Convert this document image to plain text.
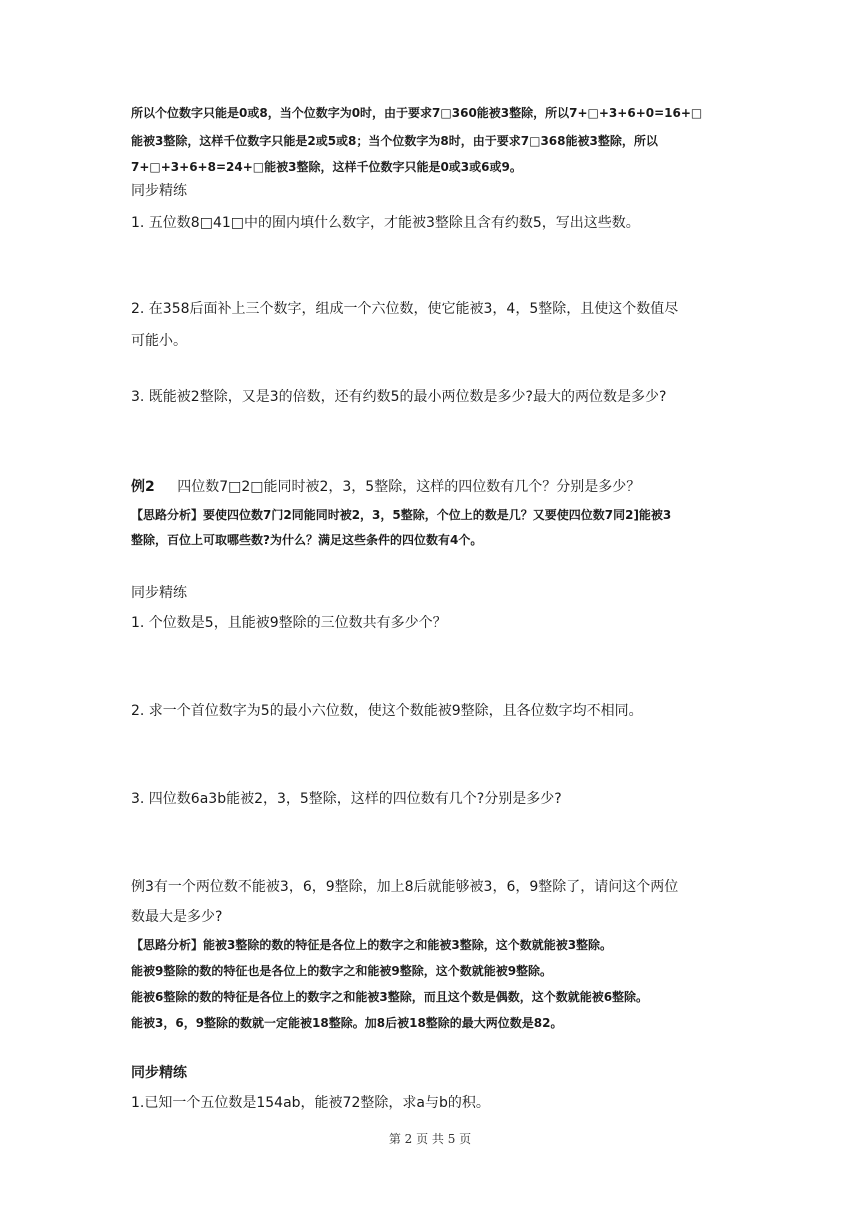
所以个位数字只能是0或8，当个位数字为0时，由于要求7□360能被3整除，所以7+□+3+6+0=16+□
能被3整除，这样千位数字只能是2或5或8；当个位数字为8时，由于要求7□368能被3整除，所以
7+□+3+6+8=24+□能被3整除，这样千位数字只能是0或3或6或9。
同步精练
1. 五位数8□41□中的囿内填什么数字，才能被3整除且含有约数5，写出这些数。
2. 在358后面补上三个数字，组成一个六位数，使它能被3，4，5整除，且使这个数值尽
可能小。
3. 既能被2整除，又是3的倍数，还有约数5的最小两位数是多少?最大的两位数是多少?
例2 四位数7□2□能同时被2，3，5整除，这样的四位数有几个？分别是多少？
【思路分析】要使四位数7门2同能同时被2，3，5整除，个位上的数是几？又要使四位数7同2]能被3
整除，百位上可取哪些数?为什么？满足这些条件的四位数有4个。
同步精练
1. 个位数是5，且能被9整除的三位数共有多少个？
2. 求一个首位数字为5的最小六位数，使这个数能被9整除，且各位数字均不相同。
3. 四位数6a3b能被2，3，5整除，这样的四位数有几个?分别是多少?
例3有一个两位数不能被3，6，9整除，加上8后就能够被3，6，9整除了，请问这个两位
数最大是多少?
【思路分析】能被3整除的数的特征是各位上的数字之和能被3整除，这个数就能被3整除。
能被9整除的数的特征也是各位上的数字之和能被9整除，这个数就能被9整除。
能被6整除的数的特征是各位上的数字之和能被3整除，而且这个数是偶数，这个数就能被6整除。
能被3，6，9整除的数就一定能被18整除。加8后被18整除的最大两位数是82。
同步精练
1.已知一个五位数是154ab，能被72整除，求a与b的积。
第 2 页 共 5 页
